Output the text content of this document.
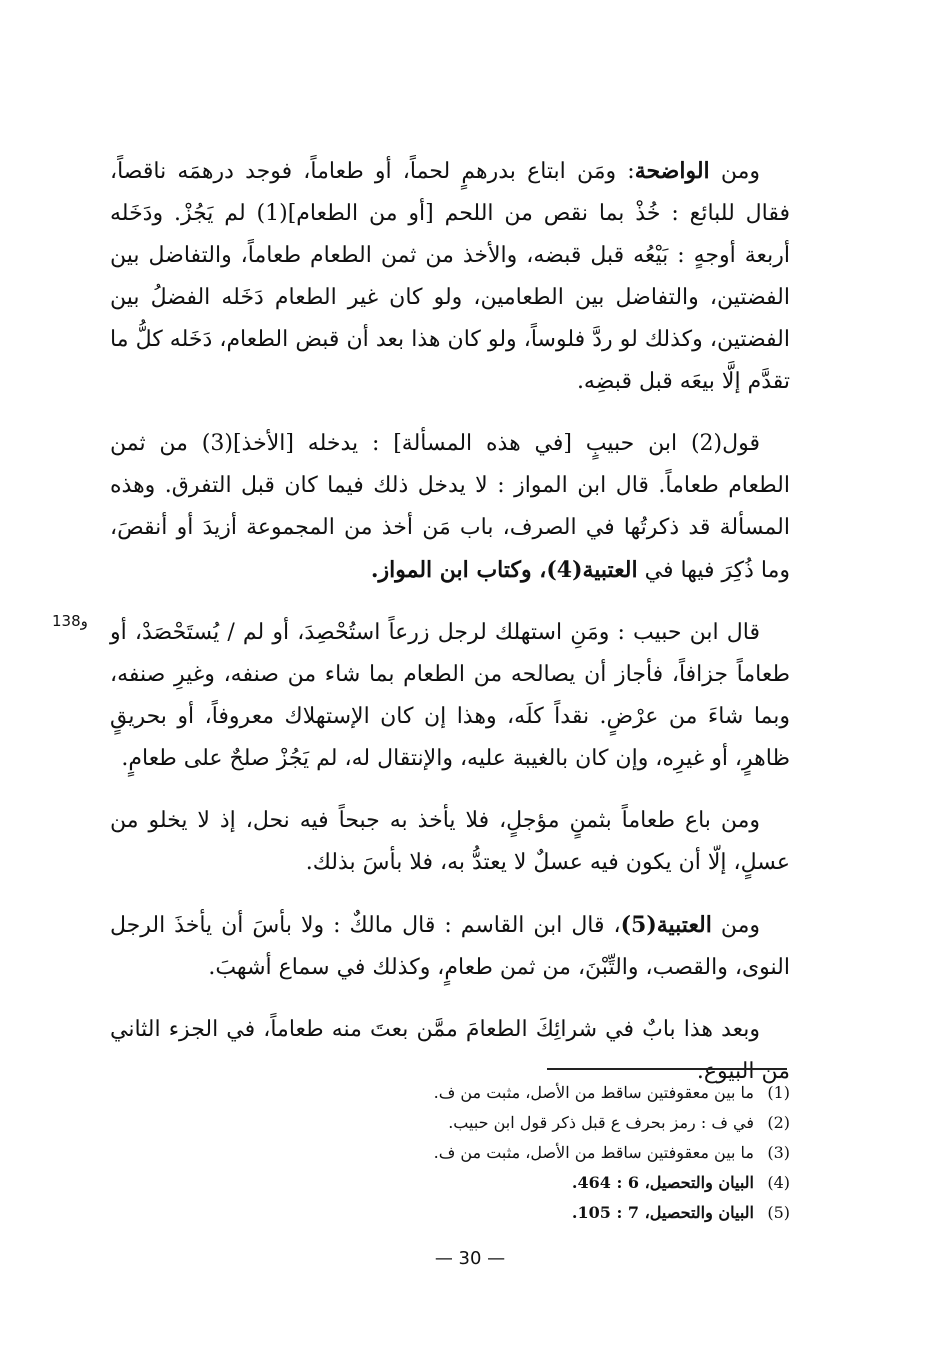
ومن الواضحة: ومَن ابتاع بدرهمٍ لحماً، أو طعاماً، فوجد درهمَه ناقصاً، فقال للبائع : خُذْ بما نقص من اللحم [أو من الطعام](1) لم يَجُزْ. ودَخَله أربعة أوجهٍ : بَيْعُه قبل قبضه، والأخذ من ثمن الطعام طعاماً، والتفاضل بين الفضتين، والتفاضل بين الطعامين، ولو كان غير الطعام دَخَله الفضلُ بين الفضتين، وكذلك لو ردَّ فلوساً، ولو كان هذا بعد أن قبض الطعام، دَخَله كلُّ ما تقدَّم إلَّا بيعَه قبل قبضِه.

قول(2) ابن حبيبٍ [في هذه المسألة] : يدخله [الأخذ](3) من ثمن الطعام طعاماً. قال ابن المواز : لا يدخل ذلك فيما كان قبل التفرق. وهذه المسألة قد ذكرتُها في الصرف، باب مَن أخذ من المجموعة أزيدَ أو أنقصَ، وما ذُكِرَ فيها في العتبية(4)، وكتاب ابن المواز.

قال ابن حبيب : ومَنِ استهلك لرجل زرعاً استُحْصِدَ، أو لم / يُستَحْصَدْ، أو طعاماً جزافاً، فأجاز أن يصالحه من الطعام بما شاء من صنفه، وغيرِ صنفه، وبما شاءَ من عرْضٍ. نقداً كلَه، وهذا إن كان الإستهلاك معروفاً، أو بحريقٍ ظاهرٍ، أو غيرِه، وإن كان بالغيبة عليه، والإنتقال له، لم يَجُزْ صلحٌ على طعامٍ.

ومن باع طعاماً بثمنٍ مؤجلٍ، فلا يأخذ به جبحاً فيه نحل، إذ لا يخلو من عسلٍ، إلّا أن يكون فيه عسلٌ لا يعتدُّ به، فلا بأسَ بذلك.

ومن العتبية(5)، قال ابن القاسم : قال مالكٌ : ولا بأسَ أن يأخذَ الرجل النوى، والقصب، والتِّبْنَ، من ثمن طعامٍ، وكذلك في سماع أشهبَ.

وبعد هذا بابٌ في شرائِكَ الطعامَ ممَّن بعتَ منه طعاماً، في الجزء الثاني من البيوع.

138و
(1)ما بين معقوفتين ساقط من الأصل، مثبت من ف.
(2)في ف : رمز بحرف ع قبل ذكر قول ابن حبيب.
(3)ما بين معقوفتين ساقط من الأصل، مثبت من ف.
(4)البيان والتحصيل، 6 : 464.
(5)البيان والتحصيل، 7 : 105.
— 30 —
